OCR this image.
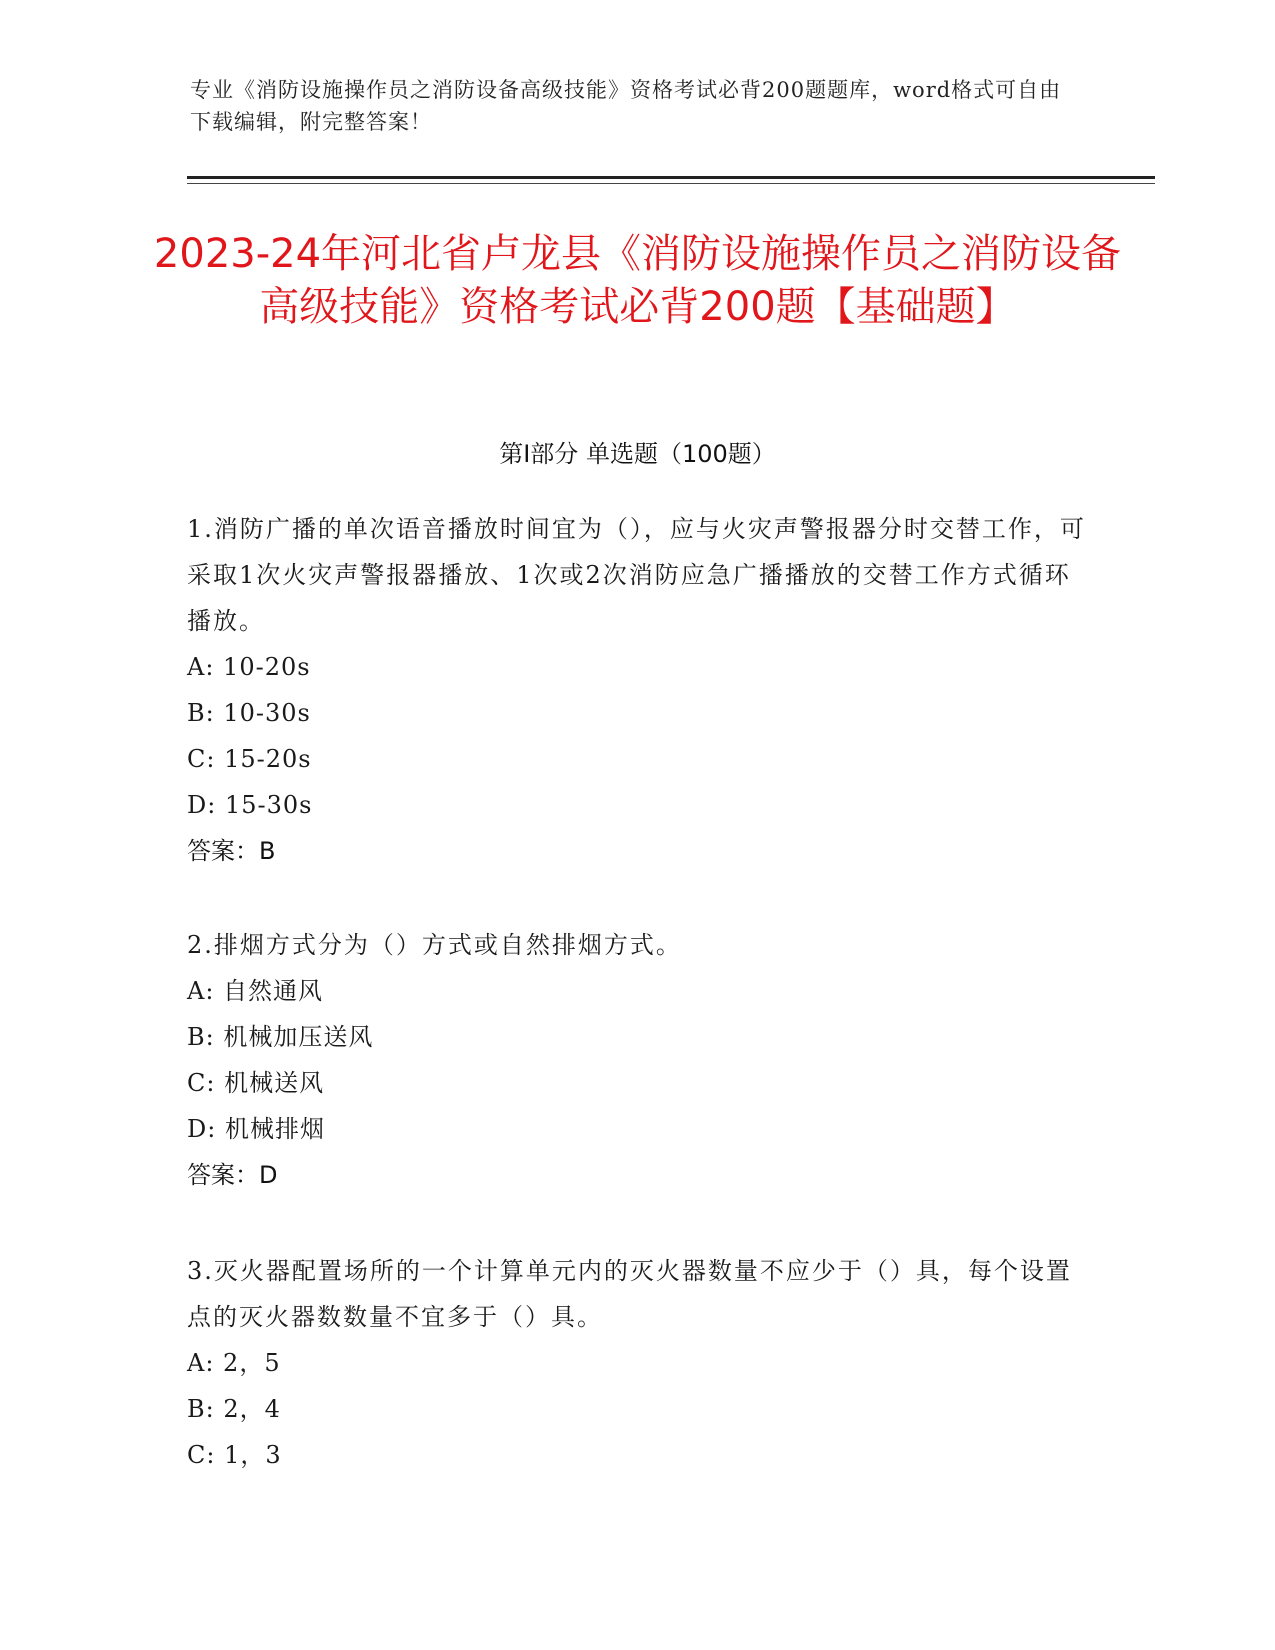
专业《消防设施操作员之消防设备高级技能》资格考试必背200题题库，word格式可自由下载编辑，附完整答案！
2023-24年河北省卢龙县《消防设施操作员之消防设备高级技能》资格考试必背200题【基础题】
第I部分 单选题（100题）
1.消防广播的单次语音播放时间宜为（），应与火灾声警报器分时交替工作，可采取1次火灾声警报器播放、1次或2次消防应急广播播放的交替工作方式循环播放。
A: 10-20s
B: 10-30s
C: 15-20s
D: 15-30s
答案：B
2.排烟方式分为（）方式或自然排烟方式。
A: 自然通风
B: 机械加压送风
C: 机械送风
D: 机械排烟
答案：D
3.灭火器配置场所的一个计算单元内的灭火器数量不应少于（）具，每个设置点的灭火器数数量不宜多于（）具。
A: 2，5
B: 2，4
C: 1，3
